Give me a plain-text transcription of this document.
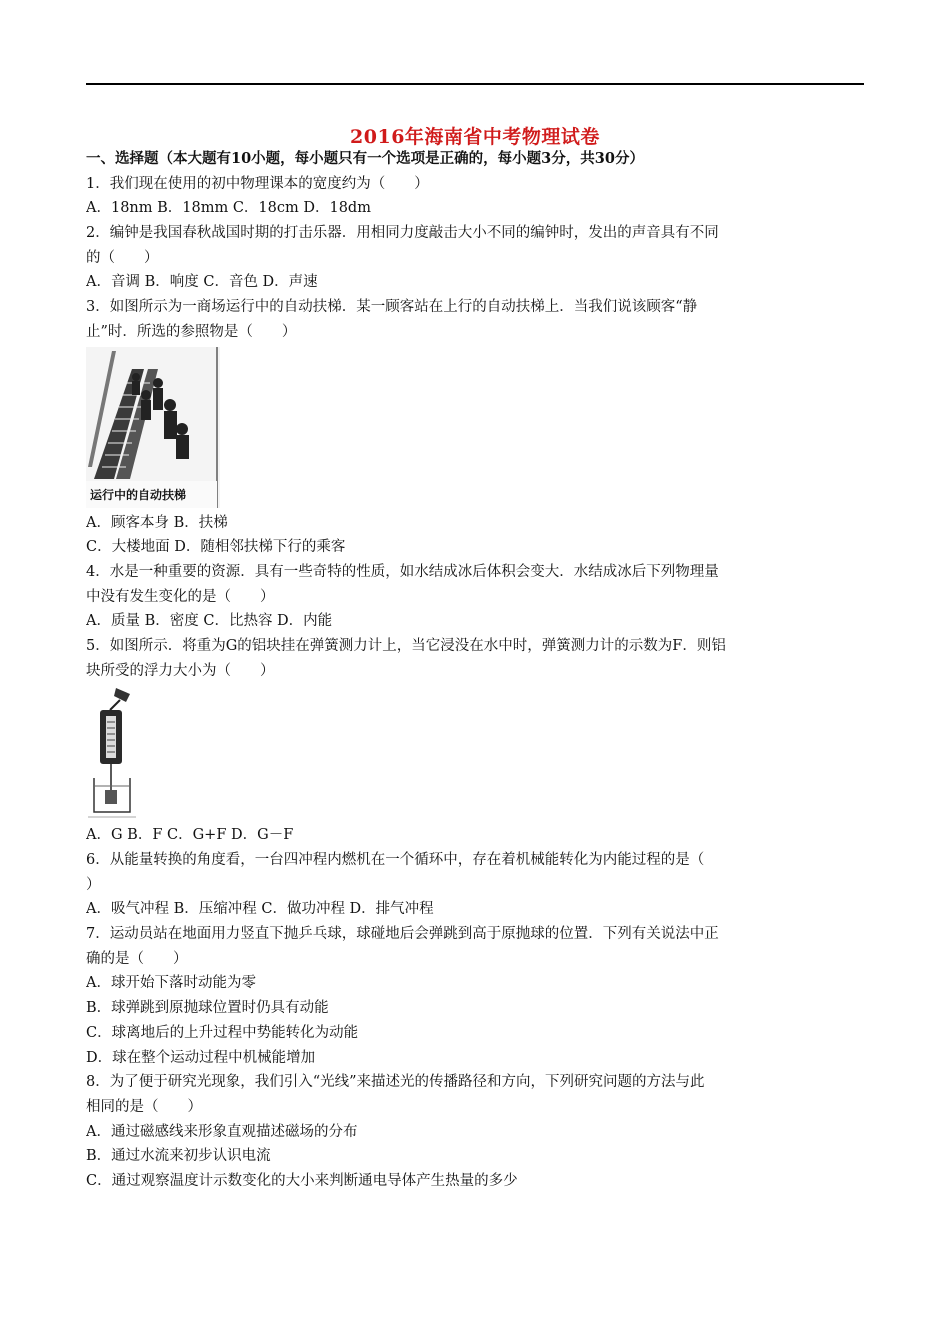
2016年海南省中考物理试卷
一、选择题（本大题有10小题，每小题只有一个选项是正确的，每小题3分，共30分）
1．我们现在使用的初中物理课本的宽度约为（　　）
A．18nm B．18mm C．18cm D．18dm
2．编钟是我国春秋战国时期的打击乐器．用相同力度敲击大小不同的编钟时，发出的声音具有不同
的（　　）
A．音调 B．响度 C．音色 D．声速
3．如图所示为一商场运行中的自动扶梯．某一顾客站在上行的自动扶梯上．当我们说该顾客“静
止”时．所选的参照物是（　　）
运行中的自动扶梯
A．顾客本身 B．扶梯
C．大楼地面 D．随相邻扶梯下行的乘客
4．水是一种重要的资源．具有一些奇特的性质，如水结成冰后体积会变大．水结成冰后下列物理量
中没有发生变化的是（　　）
A．质量 B．密度 C．比热容 D．内能
5．如图所示．将重为G的铝块挂在弹簧测力计上，当它浸没在水中时，弹簧测力计的示数为F．则铝
块所受的浮力大小为（　　）
A．G B．F C．G+F D．G－F
6．从能量转换的角度看，一台四冲程内燃机在一个循环中，存在着机械能转化为内能过程的是（
）
A．吸气冲程 B．压缩冲程 C．做功冲程 D．排气冲程
7．运动员站在地面用力竖直下抛乒乓球，球碰地后会弹跳到高于原抛球的位置．下列有关说法中正
确的是（　　）
A．球开始下落时动能为零
B．球弹跳到原抛球位置时仍具有动能
C．球离地后的上升过程中势能转化为动能
D．球在整个运动过程中机械能增加
8．为了便于研究光现象，我们引入“光线”来描述光的传播路径和方向，下列研究问题的方法与此
相同的是（　　）
A．通过磁感线来形象直观描述磁场的分布
B．通过水流来初步认识电流
C．通过观察温度计示数变化的大小来判断通电导体产生热量的多少
